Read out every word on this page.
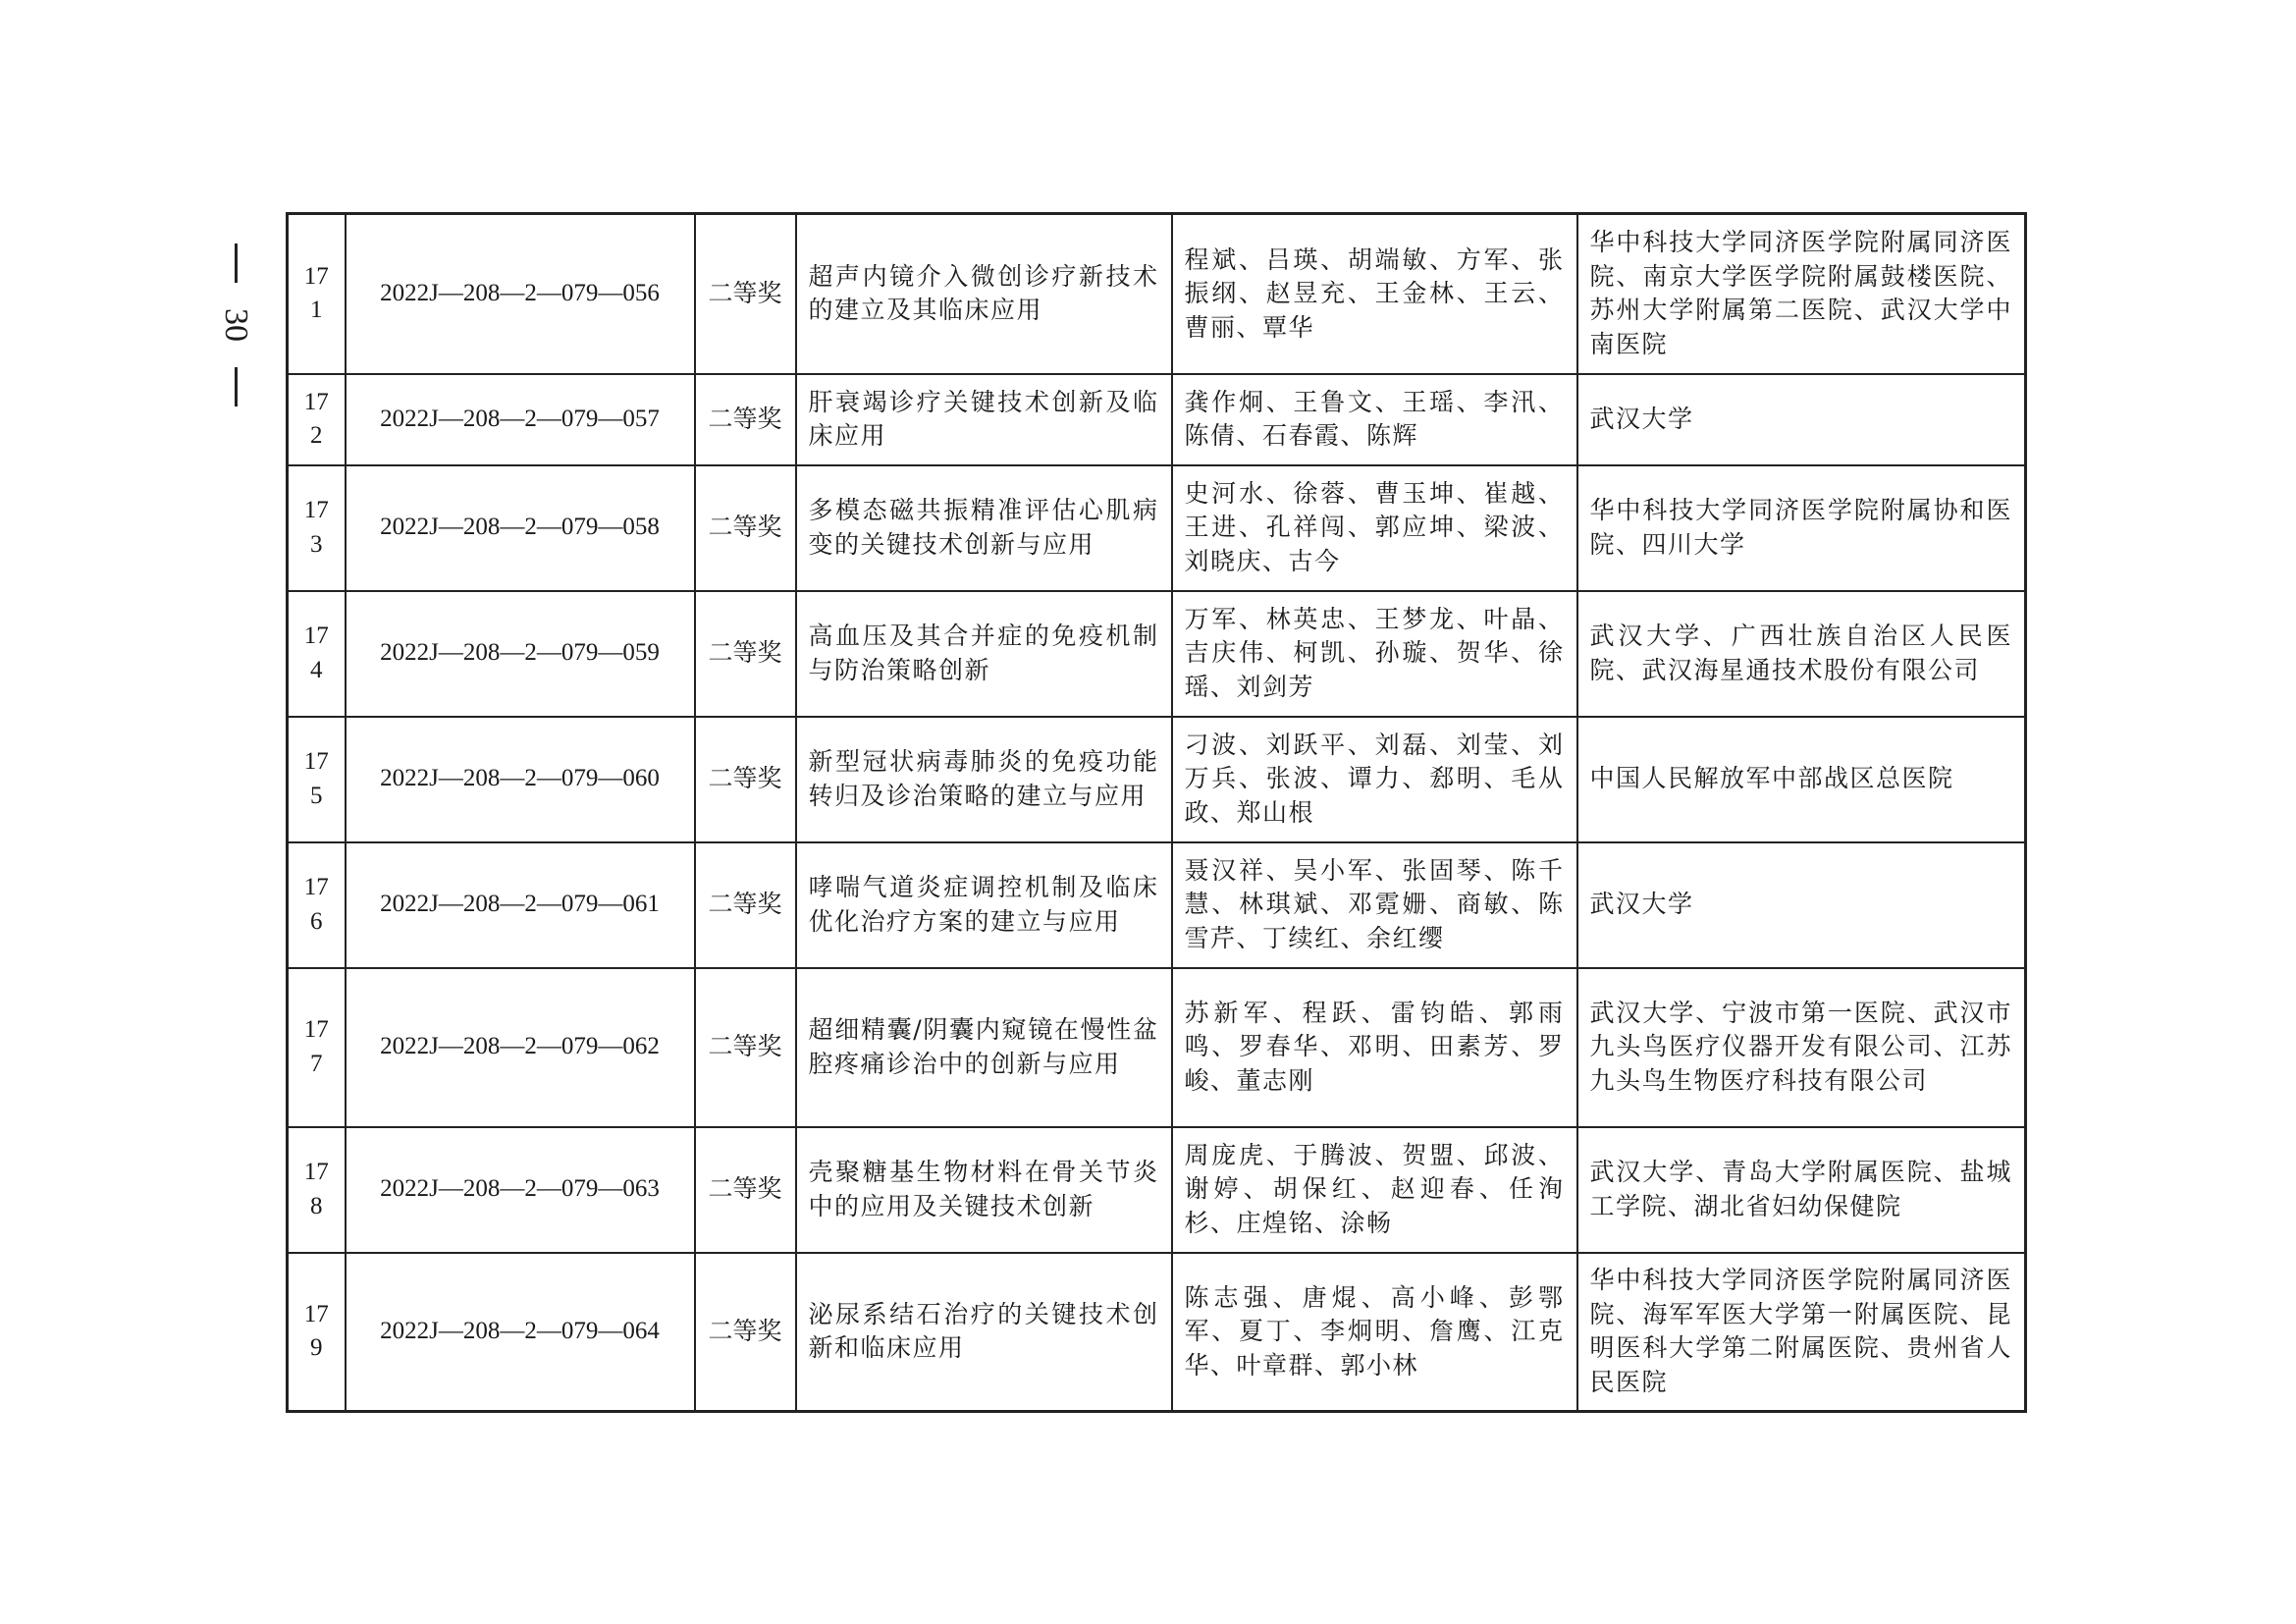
30
171	2022J—208—2—079—056	二等奖	超声内镜介入微创诊疗新技术的建立及其临床应用	程斌、吕瑛、胡端敏、方军、张振纲、赵昱充、王金林、王云、曹丽、覃华	华中科技大学同济医学院附属同济医院、南京大学医学院附属鼓楼医院、苏州大学附属第二医院、武汉大学中南医院
172	2022J—208—2—079—057	二等奖	肝衰竭诊疗关键技术创新及临床应用	龚作炯、王鲁文、王瑶、李汛、陈倩、石春霞、陈辉	武汉大学
173	2022J—208—2—079—058	二等奖	多模态磁共振精准评估心肌病变的关键技术创新与应用	史河水、徐蓉、曹玉坤、崔越、王进、孔祥闯、郭应坤、梁波、刘晓庆、古今	华中科技大学同济医学院附属协和医院、四川大学
174	2022J—208—2—079—059	二等奖	高血压及其合并症的免疫机制与防治策略创新	万军、林英忠、王梦龙、叶晶、吉庆伟、柯凯、孙璇、贺华、徐瑶、刘剑芳	武汉大学、广西壮族自治区人民医院、武汉海星通技术股份有限公司
175	2022J—208—2—079—060	二等奖	新型冠状病毒肺炎的免疫功能转归及诊治策略的建立与应用	刁波、刘跃平、刘磊、刘莹、刘万兵、张波、谭力、郄明、毛从政、郑山根	中国人民解放军中部战区总医院
176	2022J—208—2—079—061	二等奖	哮喘气道炎症调控机制及临床优化治疗方案的建立与应用	聂汉祥、吴小军、张固琴、陈千慧、林琪斌、邓霓姗、商敏、陈雪芹、丁续红、余红缨	武汉大学
177	2022J—208—2—079—062	二等奖	超细精囊/阴囊内窥镜在慢性盆腔疼痛诊治中的创新与应用	苏新军、程跃、雷钧皓、郭雨鸣、罗春华、邓明、田素芳、罗峻、董志刚	武汉大学、宁波市第一医院、武汉市九头鸟医疗仪器开发有限公司、江苏九头鸟生物医疗科技有限公司
178	2022J—208—2—079—063	二等奖	壳聚糖基生物材料在骨关节炎中的应用及关键技术创新	周庞虎、于腾波、贺盟、邱波、谢婷、胡保红、赵迎春、任洵杉、庄煌铭、涂畅	武汉大学、青岛大学附属医院、盐城工学院、湖北省妇幼保健院
179	2022J—208—2—079—064	二等奖	泌尿系结石治疗的关键技术创新和临床应用	陈志强、唐焜、高小峰、彭鄂军、夏丁、李炯明、詹鹰、江克华、叶章群、郭小林	华中科技大学同济医学院附属同济医院、海军军医大学第一附属医院、昆明医科大学第二附属医院、贵州省人民医院
